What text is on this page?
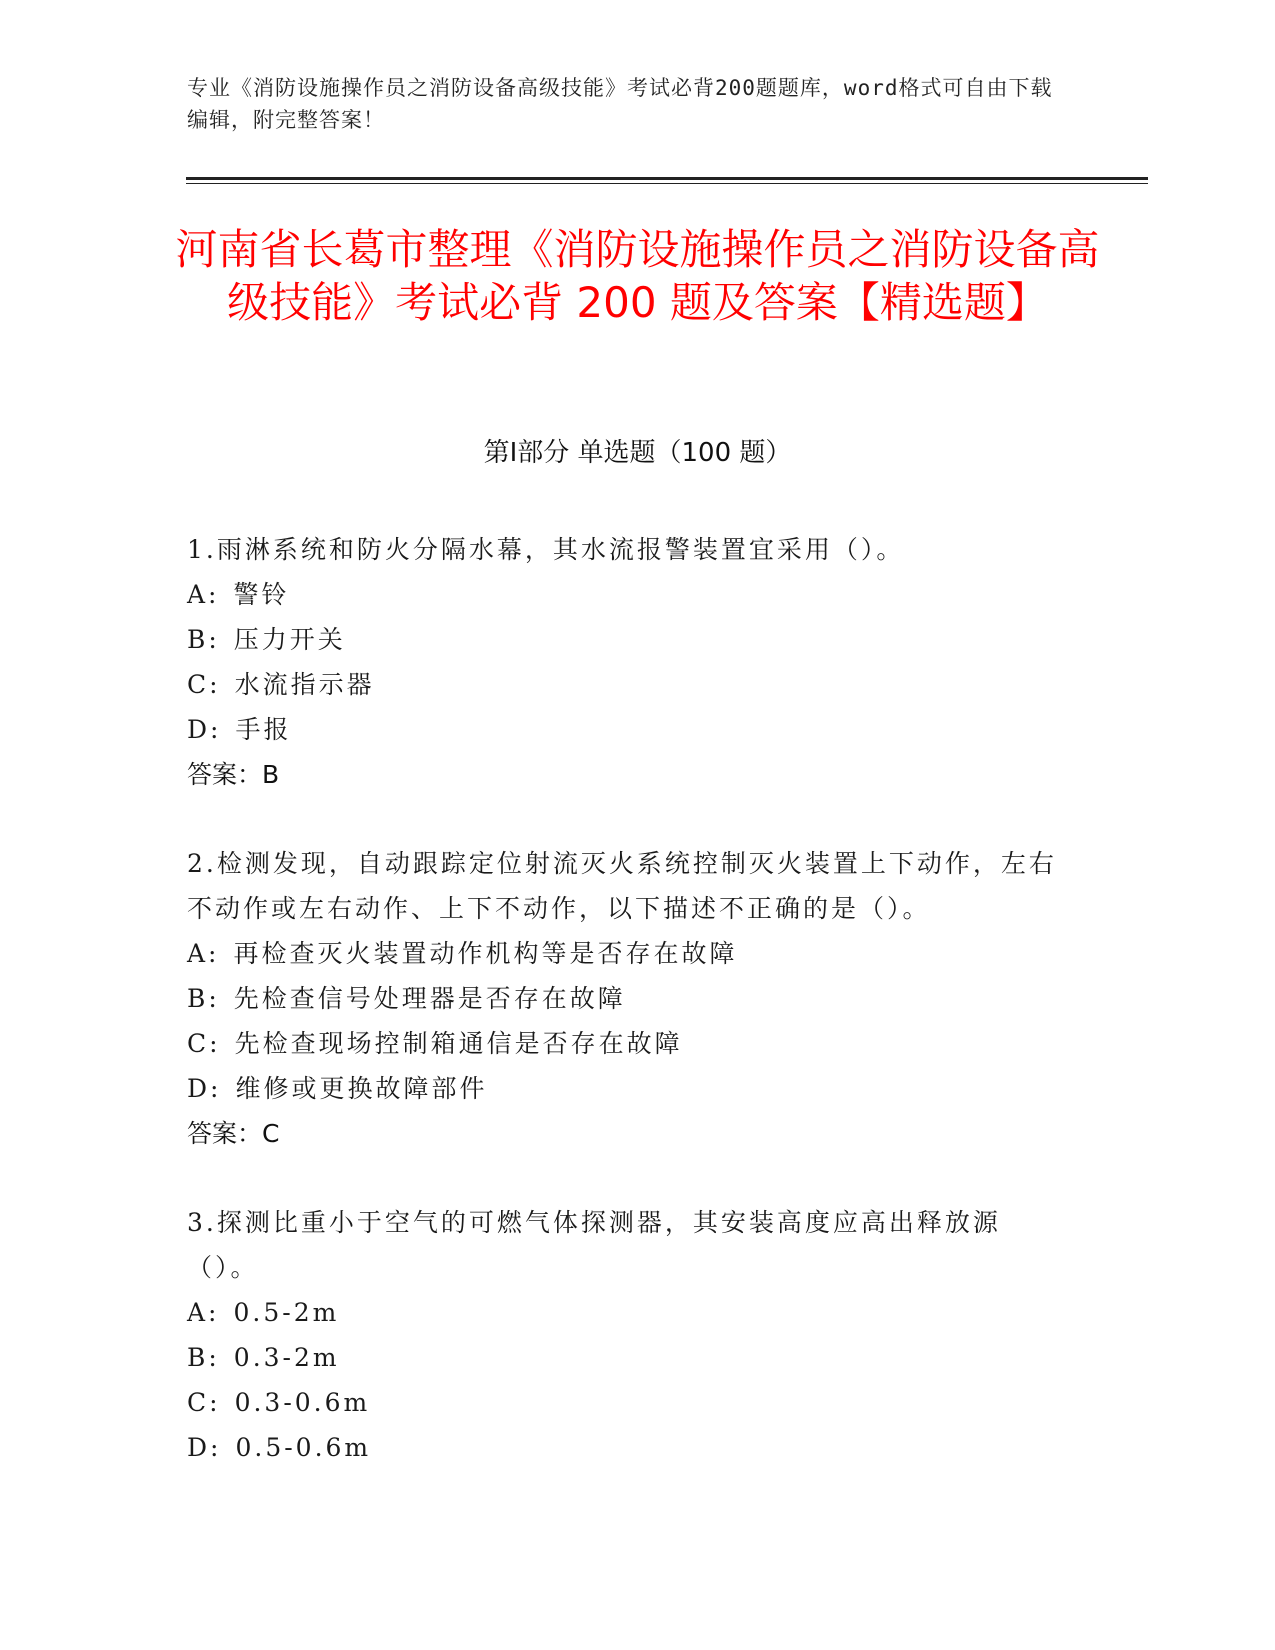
专业《消防设施操作员之消防设备高级技能》考试必背200题题库，word格式可自由下载编辑，附完整答案！
河南省长葛市整理《消防设施操作员之消防设备高级技能》考试必背 200 题及答案【精选题】
第Ⅰ部分 单选题（100 题）
1.雨淋系统和防火分隔水幕，其水流报警装置宜采用（）。
A: 警铃
B: 压力开关
C: 水流指示器
D: 手报
答案：B
2.检测发现，自动跟踪定位射流灭火系统控制灭火装置上下动作，左右不动作或左右动作、上下不动作，以下描述不正确的是（）。
A: 再检查灭火装置动作机构等是否存在故障
B: 先检查信号处理器是否存在故障
C: 先检查现场控制箱通信是否存在故障
D: 维修或更换故障部件
答案：C
3.探测比重小于空气的可燃气体探测器，其安装高度应高出释放源（）。
A: 0.5-2m
B: 0.3-2m
C: 0.3-0.6m
D: 0.5-0.6m
